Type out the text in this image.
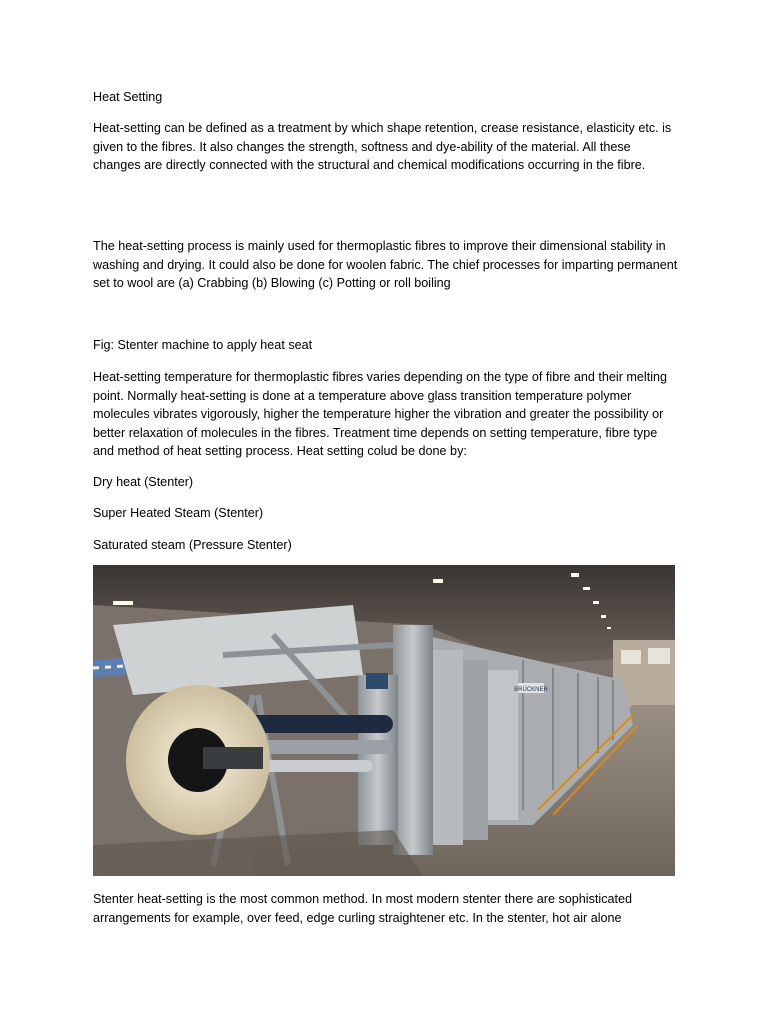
Heat Setting

Heat-setting can be defined as a treatment by which shape retention, crease resistance, elasticity etc. is given to the fibres. It also changes the strength, softness and dye-ability of the material. All these changes are directly connected with the structural and chemical modifications occurring in the fibre.

The heat-setting process is mainly used for thermoplastic fibres to improve their dimensional stability in washing and drying. It could also be done for woolen fabric. The chief processes for imparting permanent set to wool are (a) Crabbing (b) Blowing (c) Potting or roll boiling

Fig: Stenter machine to apply heat seat

Heat-setting temperature for thermoplastic fibres varies depending on the type of fibre and their melting point. Normally heat-setting is done at a temperature above glass transition temperature polymer molecules vibrates vigorously, higher the temperature higher the vibration and greater the possibility or better relaxation of molecules in the fibres. Treatment time depends on setting temperature, fibre type and method of heat setting process. Heat setting colud be done by:

Dry heat (Stenter)

Super Heated Steam (Stenter)

Saturated steam (Pressure Stenter)

BRÜCKNER

Stenter heat-setting is the most common method. In most modern stenter there are sophisticated arrangements for example, over feed, edge curling straightener etc. In the stenter, hot air alone
